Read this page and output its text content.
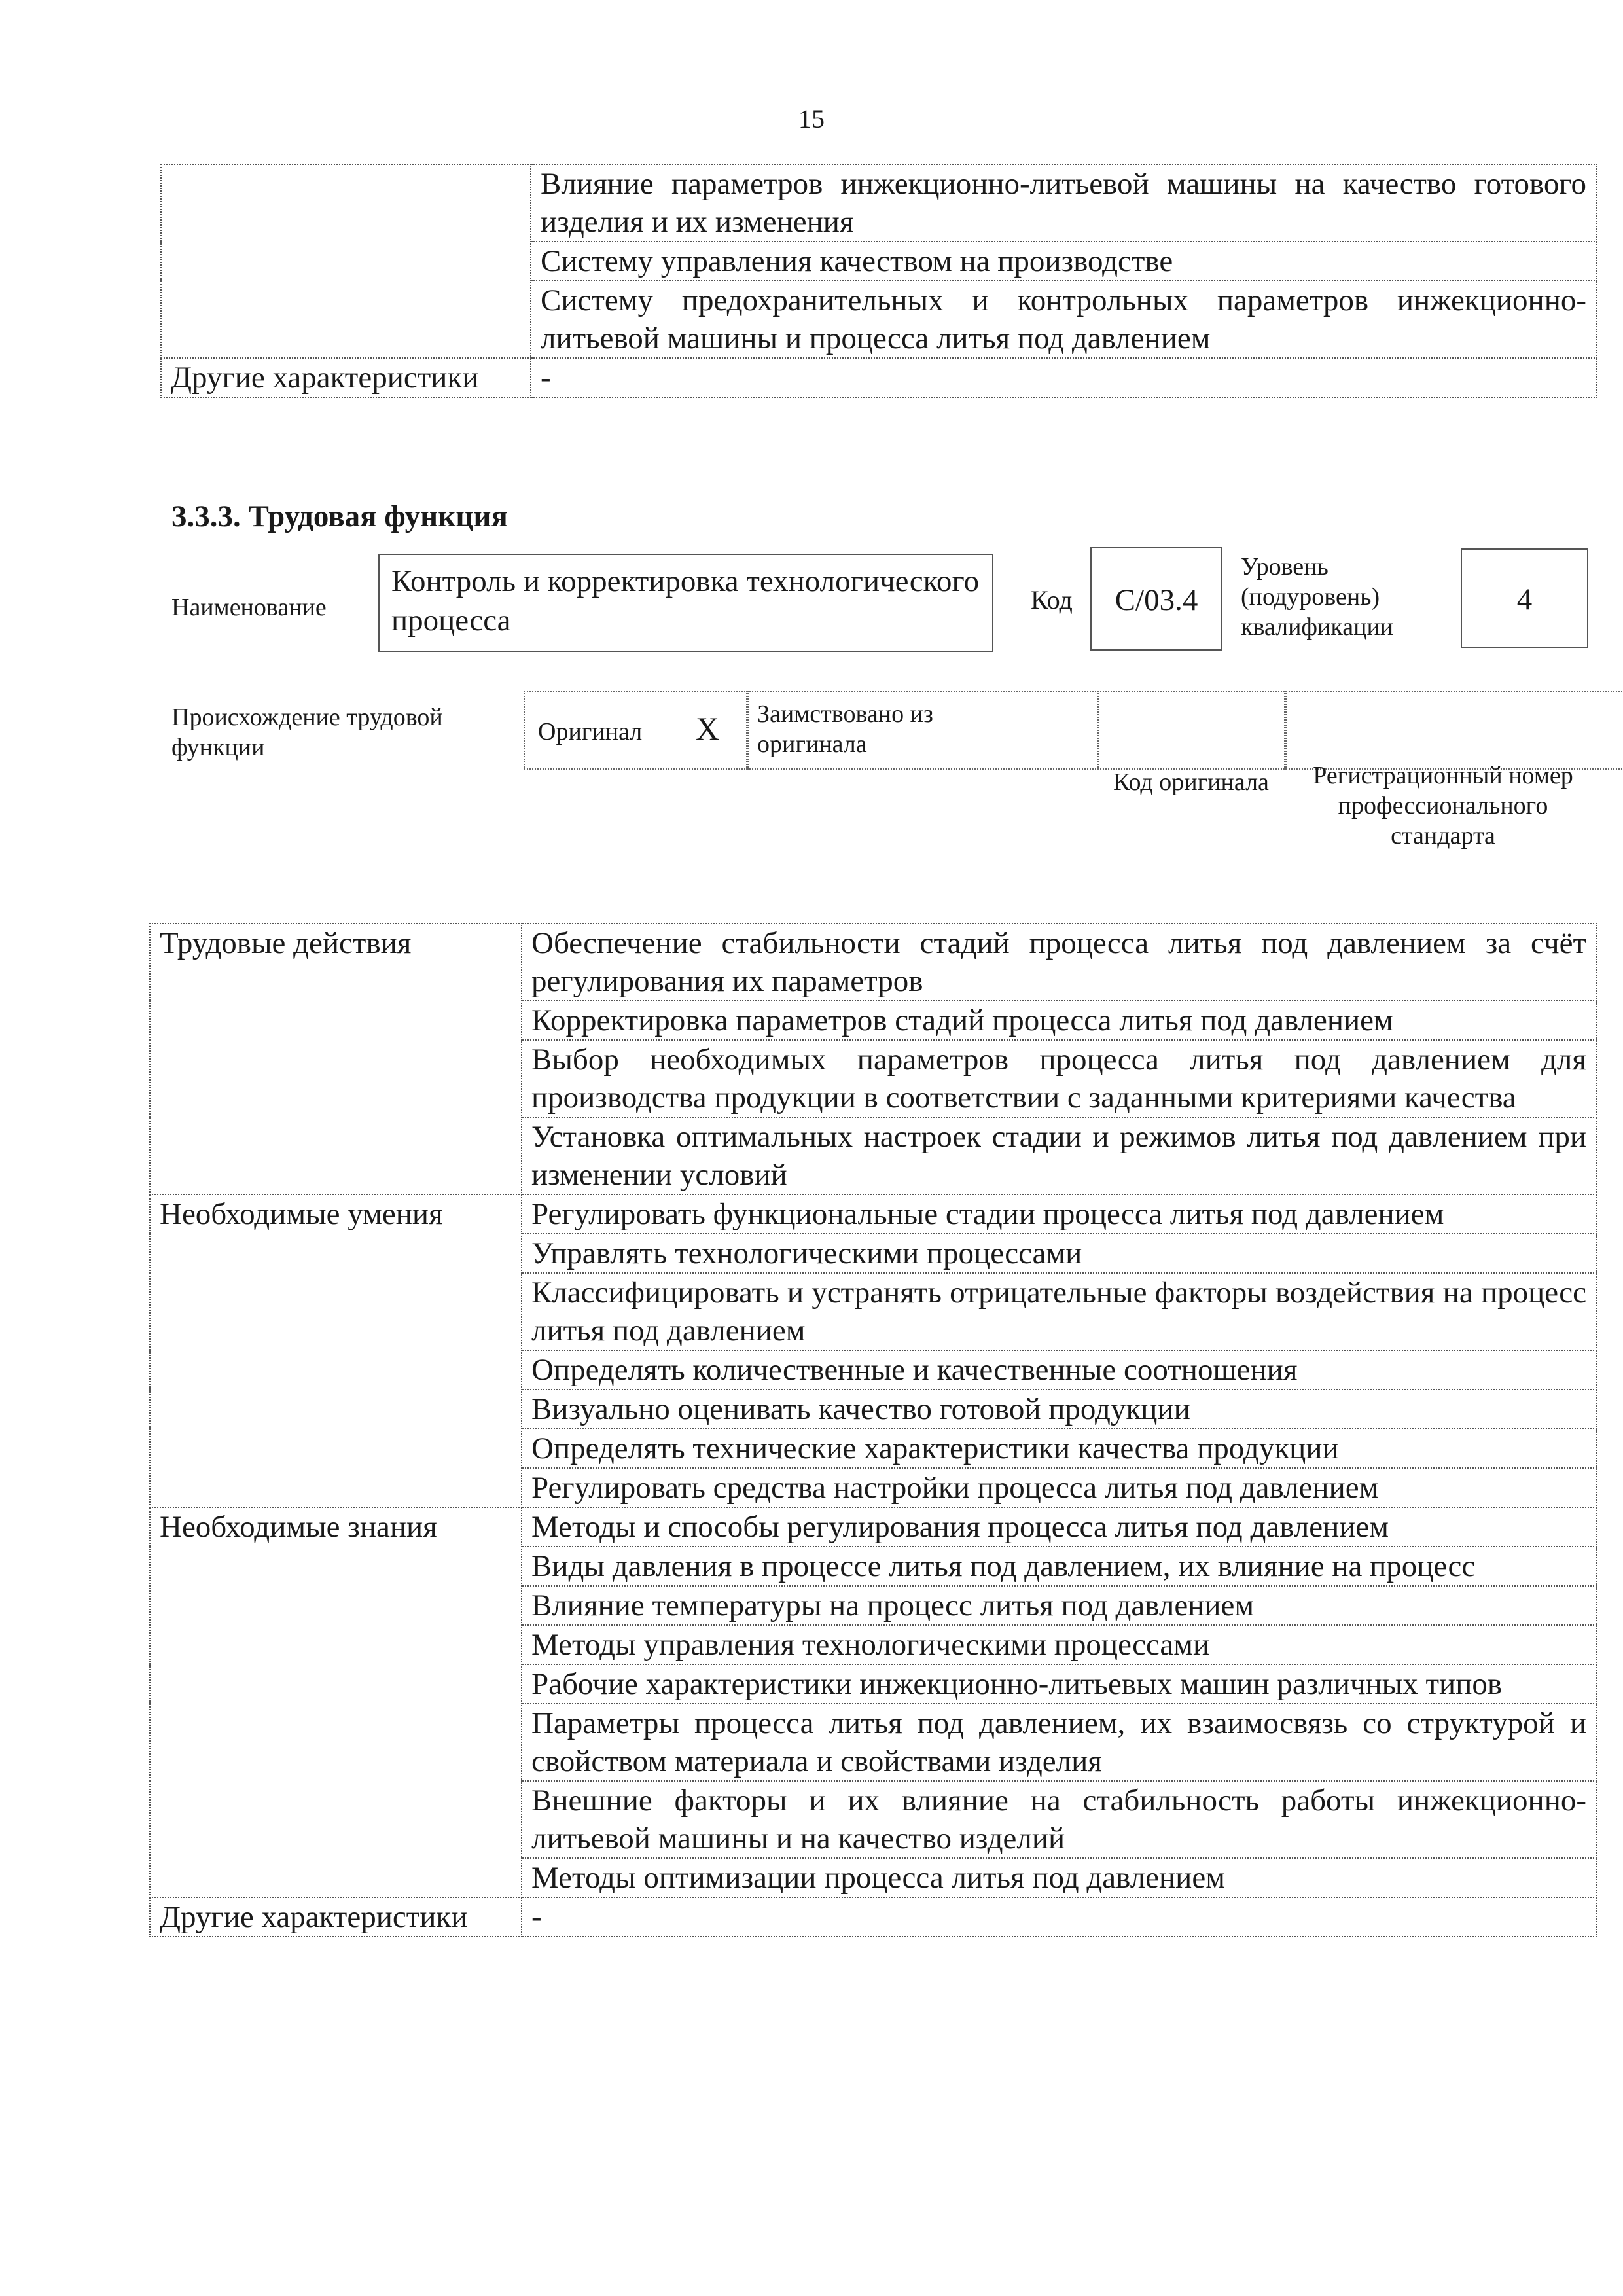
15
	Влияние параметров инжекционно-литьевой машины на качество готового изделия и их изменения
	Систему управления качеством на производстве
	Систему предохранительных и контрольных параметров инжекционно-литьевой машины и процесса литья под давлением
Другие характеристики	-
3.3.3. Трудовая функция
Наименование
Контроль и корректировка технологического процесса
Код	C/03.4
Уровень (подуровень) квалификации
4
Происхождение трудовой функции
Оригинал X Заимствовано из оригинала
Код оригинала	Регистрационный номер профессионального стандарта
Трудовые действия	Обеспечение стабильности стадий процесса литья под давлением за счёт регулирования их параметров
	Корректировка параметров стадий процесса литья под давлением
	Выбор необходимых параметров процесса литья под давлением для производства продукции в соответствии с заданными критериями качества
	Установка оптимальных настроек стадии и режимов литья под давлением при изменении условий
Необходимые умения	Регулировать функциональные стадии процесса литья под давлением
	Управлять технологическими процессами
	Классифицировать и устранять отрицательные факторы воздействия на процесс литья под давлением
	Определять количественные и качественные соотношения
	Визуально оценивать качество готовой продукции
	Определять технические характеристики качества продукции
	Регулировать средства настройки процесса литья под давлением
Необходимые знания	Методы и способы регулирования процесса литья под давлением
	Виды давления в процессе литья под давлением, их влияние на процесс
	Влияние температуры на процесс литья под давлением
	Методы управления технологическими процессами
	Рабочие характеристики инжекционно-литьевых машин различных типов
	Параметры процесса литья под давлением, их взаимосвязь со структурой и свойством материала и свойствами изделия
	Внешние факторы и их влияние на стабильность работы инжекционно-литьевой машины и на качество изделий
	Методы оптимизации процесса литья под давлением
Другие характеристики	-
